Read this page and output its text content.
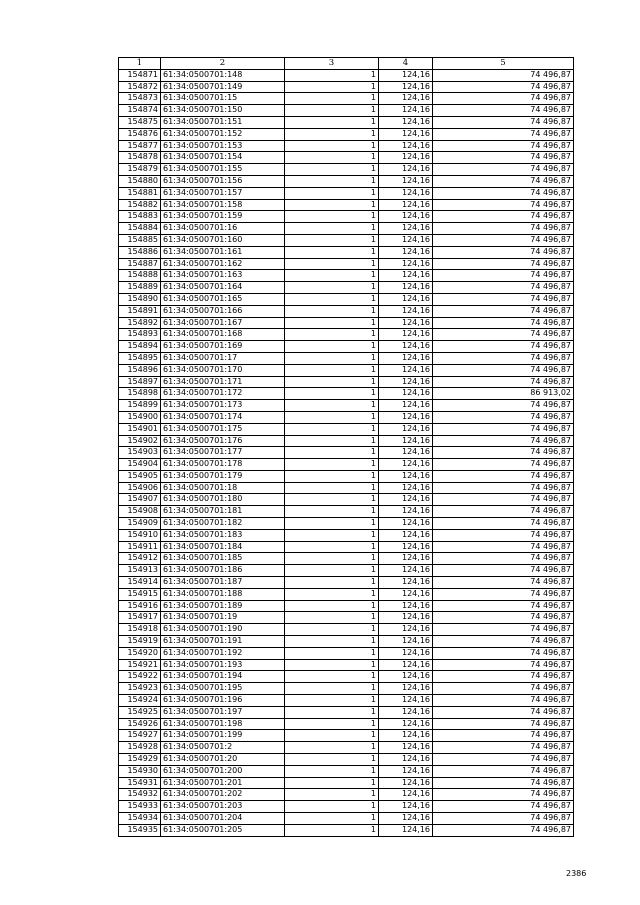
1	2	3	4	5
154871	61:34:0500701:148	1	124,16	74 496,87
154872	61:34:0500701:149	1	124,16	74 496,87
154873	61:34:0500701:15	1	124,16	74 496,87
154874	61:34:0500701:150	1	124,16	74 496,87
154875	61:34:0500701:151	1	124,16	74 496,87
154876	61:34:0500701:152	1	124,16	74 496,87
154877	61:34:0500701:153	1	124,16	74 496,87
154878	61:34:0500701:154	1	124,16	74 496,87
154879	61:34:0500701:155	1	124,16	74 496,87
154880	61:34:0500701:156	1	124,16	74 496,87
154881	61:34:0500701:157	1	124,16	74 496,87
154882	61:34:0500701:158	1	124,16	74 496,87
154883	61:34:0500701:159	1	124,16	74 496,87
154884	61:34:0500701:16	1	124,16	74 496,87
154885	61:34:0500701:160	1	124,16	74 496,87
154886	61:34:0500701:161	1	124,16	74 496,87
154887	61:34:0500701:162	1	124,16	74 496,87
154888	61:34:0500701:163	1	124,16	74 496,87
154889	61:34:0500701:164	1	124,16	74 496,87
154890	61:34:0500701:165	1	124,16	74 496,87
154891	61:34:0500701:166	1	124,16	74 496,87
154892	61:34:0500701:167	1	124,16	74 496,87
154893	61:34:0500701:168	1	124,16	74 496,87
154894	61:34:0500701:169	1	124,16	74 496,87
154895	61:34:0500701:17	1	124,16	74 496,87
154896	61:34:0500701:170	1	124,16	74 496,87
154897	61:34:0500701:171	1	124,16	74 496,87
154898	61:34:0500701:172	1	124,16	86 913,02
154899	61:34:0500701:173	1	124,16	74 496,87
154900	61:34:0500701:174	1	124,16	74 496,87
154901	61:34:0500701:175	1	124,16	74 496,87
154902	61:34:0500701:176	1	124,16	74 496,87
154903	61:34:0500701:177	1	124,16	74 496,87
154904	61:34:0500701:178	1	124,16	74 496,87
154905	61:34:0500701:179	1	124,16	74 496,87
154906	61:34:0500701:18	1	124,16	74 496,87
154907	61:34:0500701:180	1	124,16	74 496,87
154908	61:34:0500701:181	1	124,16	74 496,87
154909	61:34:0500701:182	1	124,16	74 496,87
154910	61:34:0500701:183	1	124,16	74 496,87
154911	61:34:0500701:184	1	124,16	74 496,87
154912	61:34:0500701:185	1	124,16	74 496,87
154913	61:34:0500701:186	1	124,16	74 496,87
154914	61:34:0500701:187	1	124,16	74 496,87
154915	61:34:0500701:188	1	124,16	74 496,87
154916	61:34:0500701:189	1	124,16	74 496,87
154917	61:34:0500701:19	1	124,16	74 496,87
154918	61:34:0500701:190	1	124,16	74 496,87
154919	61:34:0500701:191	1	124,16	74 496,87
154920	61:34:0500701:192	1	124,16	74 496,87
154921	61:34:0500701:193	1	124,16	74 496,87
154922	61:34:0500701:194	1	124,16	74 496,87
154923	61:34:0500701:195	1	124,16	74 496,87
154924	61:34:0500701:196	1	124,16	74 496,87
154925	61:34:0500701:197	1	124,16	74 496,87
154926	61:34:0500701:198	1	124,16	74 496,87
154927	61:34:0500701:199	1	124,16	74 496,87
154928	61:34:0500701:2	1	124,16	74 496,87
154929	61:34:0500701:20	1	124,16	74 496,87
154930	61:34:0500701:200	1	124,16	74 496,87
154931	61:34:0500701:201	1	124,16	74 496,87
154932	61:34:0500701:202	1	124,16	74 496,87
154933	61:34:0500701:203	1	124,16	74 496,87
154934	61:34:0500701:204	1	124,16	74 496,87
154935	61:34:0500701:205	1	124,16	74 496,87
2386
